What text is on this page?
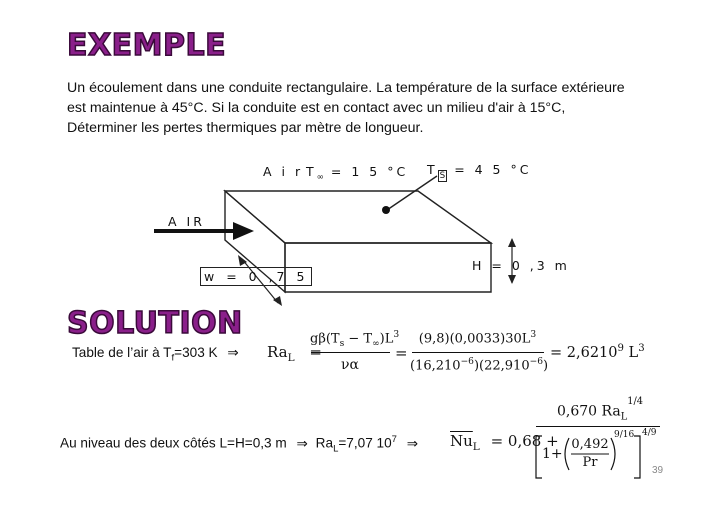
EXEMPLE
Un écoulement dans une conduite rectangulaire. La température de la surface extérieure
est maintenue à 45°C. Si la conduite est en contact avec un milieu d'air à 15°C,
Déterminer les pertes thermiques par mètre de longueur.
A i r $T_\infty = 1$ 5 °C T $_S$ = 4 5 °C
A IR
H = 0 ,3 m
w = 0 ,7 5
SOLUTION
Table de l’air à $T_f=303$ K ⇒ $Ra_L$ =
$g\beta(T_s - T_\infty)L^3$
να
=
$(9,8)(0,0033)30L^3$
$(16,210^{-6})(22,910^{-6})$
= $2,6210^9$ $L^3$
Au niveau des deux côtés L=H=0,3 m ⇒ $Ra_L=7,07$ $10^7$ ⇒ $\overline{Nu}_L = 0,68$ +
0,670 $Ra_L^{1/4}$
1+
0,492
Pr
9/16 4/9
39
